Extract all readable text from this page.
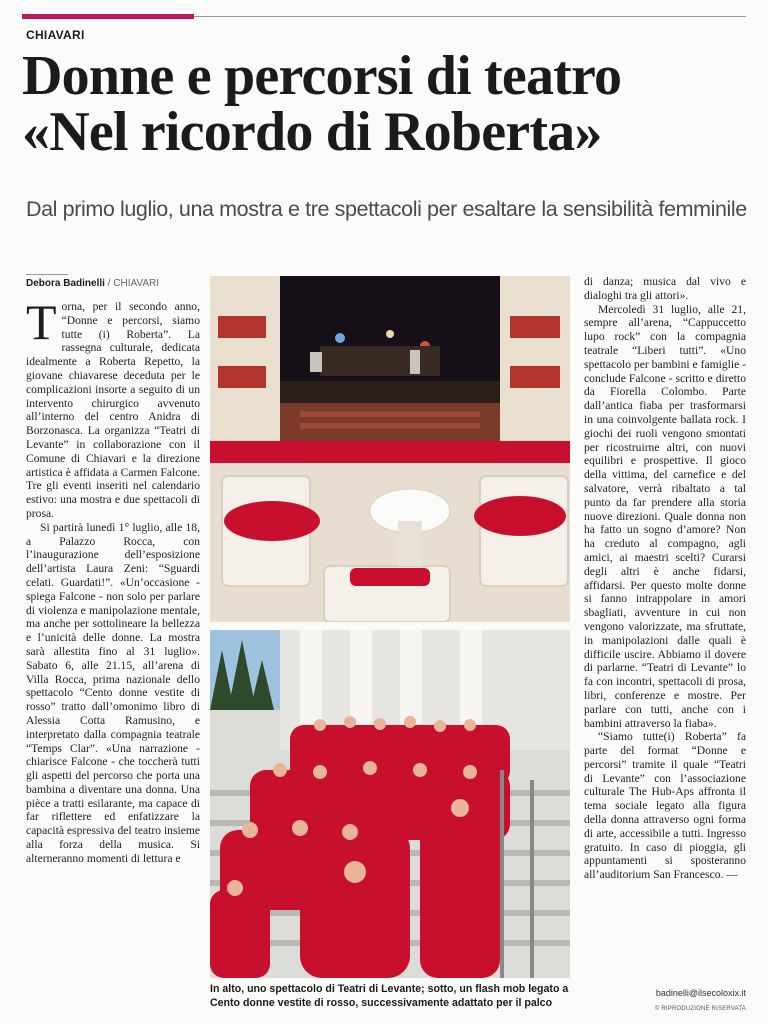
CHIAVARI
Donne e percorsi di teatro
«Nel ricordo di Roberta»
Dal primo luglio, una mostra e tre spettacoli per esaltare la sensibilità femminile
Debora Badinelli / CHIAVARI

Torna, per il secondo anno, “Donne e percorsi, siamo tutte (i) Roberta”. La rassegna culturale, dedicata idealmente a Roberta Repetto, la giovane chiavarese deceduta per le complicazioni insorte a seguito di un intervento chirurgico avvenuto all’interno del centro Anidra di Borzonasca. La organizza “Teatri di Levante” in collaborazione con il Comune di Chiavari e la direzione artistica è affidata a Carmen Falcone. Tre gli eventi inseriti nel calendario estivo: una mostra e due spettacoli di prosa.

Si partirà lunedì 1° luglio, alle 18, a Palazzo Rocca, con l’inaugurazione dell’esposizione dell’artista Laura Zeni: “Sguardi celati. Guardati!”. «Un’occasione - spiega Falcone - non solo per parlare di violenza e manipolazione mentale, ma anche per sottolineare la bellezza e l’unicità delle donne. La mostra sarà allestita fino al 31 luglio». Sabato 6, alle 21.15, all’arena di Villa Rocca, prima nazionale dello spettacolo “Cento donne vestite di rosso” tratto dall’omonimo libro di Alessia Cotta Ramusino, e interpretato dalla compagnia teatrale “Temps Clar”. «Una narrazione - chiarisce Falcone - che toccherà tutti gli aspetti del percorso che porta una bambina a diventare una donna. Una pièce a tratti esilarante, ma capace di far riflettere ed enfatizzare la capacità espressiva del teatro insieme alla forza della musica. Si alterneranno momenti di lettura e

In alto, uno spettacolo di Teatri di Levante; sotto, un flash mob legato a Cento donne vestite di rosso, successivamente adattato per il palco

di danza; musica dal vivo e dialoghi tra gli attori».

Mercoledì 31 luglio, alle 21, sempre all’arena, “Cappuccetto lupo rock” con la compagnia teatrale “Liberi tutti”. «Uno spettacolo per bambini e famiglie - conclude Falcone - scritto e diretto da Fiorella Colombo. Parte dall’antica fiaba per trasformarsi in una coinvolgente ballata rock. I giochi dei ruoli vengono smontati per ricostruirne altri, con nuovi equilibri e prospettive. Il gioco della vittima, del carnefice e del salvatore, verrà ribaltato a tal punto da far prendere alla storia nuove direzioni. Quale donna non ha fatto un sogno d’amore? Non ha creduto al compagno, agli amici, ai maestri scelti? Curarsi degli altri è anche fidarsi, affidarsi. Per questo molte donne si fanno intrappolare in amori sbagliati, avventure in cui non vengono valorizzate, ma sfruttate, in manipolazioni dalle quali è difficile uscire. Abbiamo il dovere di parlarne. “Teatri di Levante” lo fa con incontri, spettacoli di prosa, libri, conferenze e mostre. Per parlare con tutti, anche con i bambini attraverso la fiaba».

“Siamo tutte(i) Roberta” fa parte del format “Donne e percorsi” tramite il quale “Teatri di Levante” con l’associazione culturale The Hub-Aps affronta il tema sociale legato alla figura della donna attraverso ogni forma di arte, accessibile a tutti. Ingresso gratuito. In caso di pioggia, gli appuntamenti si sposteranno all’auditorium San Francesco. —

badinelli@ilsecoloxix.it
© RIPRODUZIONE RISERVATA
